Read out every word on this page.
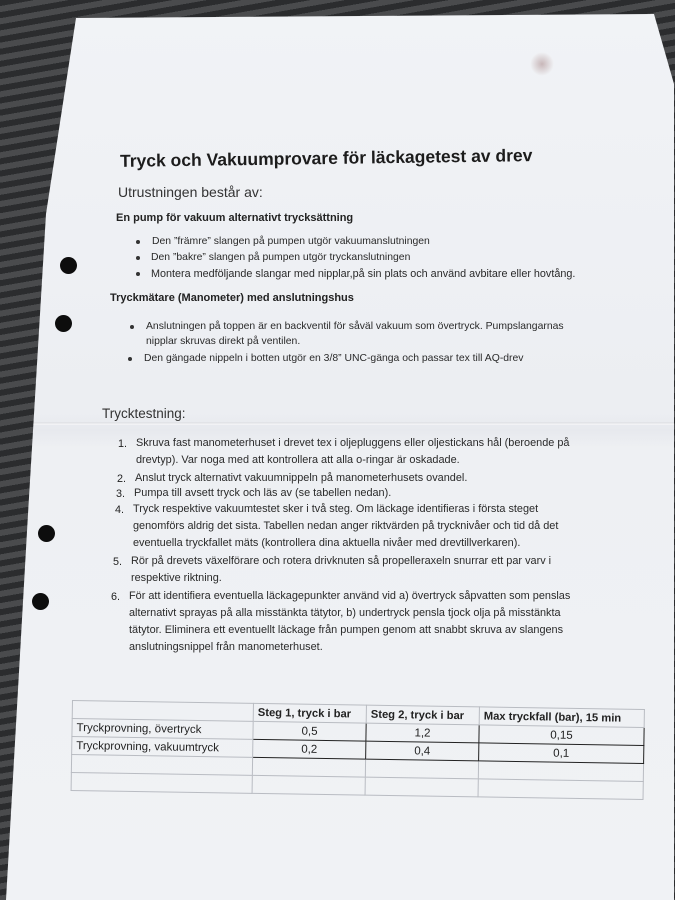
Tryck och Vakuumprovare för läckagetest av drev
Utrustningen består av:
En pump för vakuum alternativt trycksättning
Den ”främre” slangen på pumpen utgör vakuumanslutningen
Den ”bakre” slangen på pumpen utgör tryckanslutningen
Montera medföljande slangar med nipplar,på sin plats och använd avbitare eller hovtång.
Tryckmätare (Manometer) med anslutningshus
Anslutningen på toppen är en backventil för såväl vakuum som övertryck. Pumpslangarnas
nipplar skruvas direkt på ventilen.
Den gängade nippeln i botten utgör en 3/8” UNC-gänga och passar tex till AQ-drev
Trycktestning:
1. Skruva fast manometerhuset i drevet tex i oljepluggens eller oljestickans hål (beroende på
drevtyp). Var noga med att kontrollera att alla o-ringar är oskadade.
2. Anslut tryck alternativt vakuumnippeln på manometerhusets ovandel.
3. Pumpa till avsett tryck och läs av (se tabellen nedan).
4. Tryck respektive vakuumtestet sker i två steg. Om läckage identifieras i första steget
genomförs aldrig det sista. Tabellen nedan anger riktvärden på trycknivåer och tid då det
eventuella tryckfallet mäts (kontrollera dina aktuella nivåer med drevtillverkaren).
5. Rör på drevets växelförare och rotera drivknuten så propelleraxeln snurrar ett par varv i
respektive riktning.
6. För att identifiera eventuella läckagepunkter använd vid a) övertryck såpvatten som penslas
alternativt sprayas på alla misstänkta tätytor, b) undertryck pensla tjock olja på misstänkta
tätytor. Eliminera ett eventuellt läckage från pumpen genom att snabbt skruva av slangens
anslutningsnippel från manometerhuset.
	Steg 1, tryck i bar	Steg 2, tryck i bar	Max tryckfall (bar), 15 min
Tryckprovning, övertryck	0,5	1,2	0,15
Tryckprovning, vakuumtryck	0,2	0,4	0,1
